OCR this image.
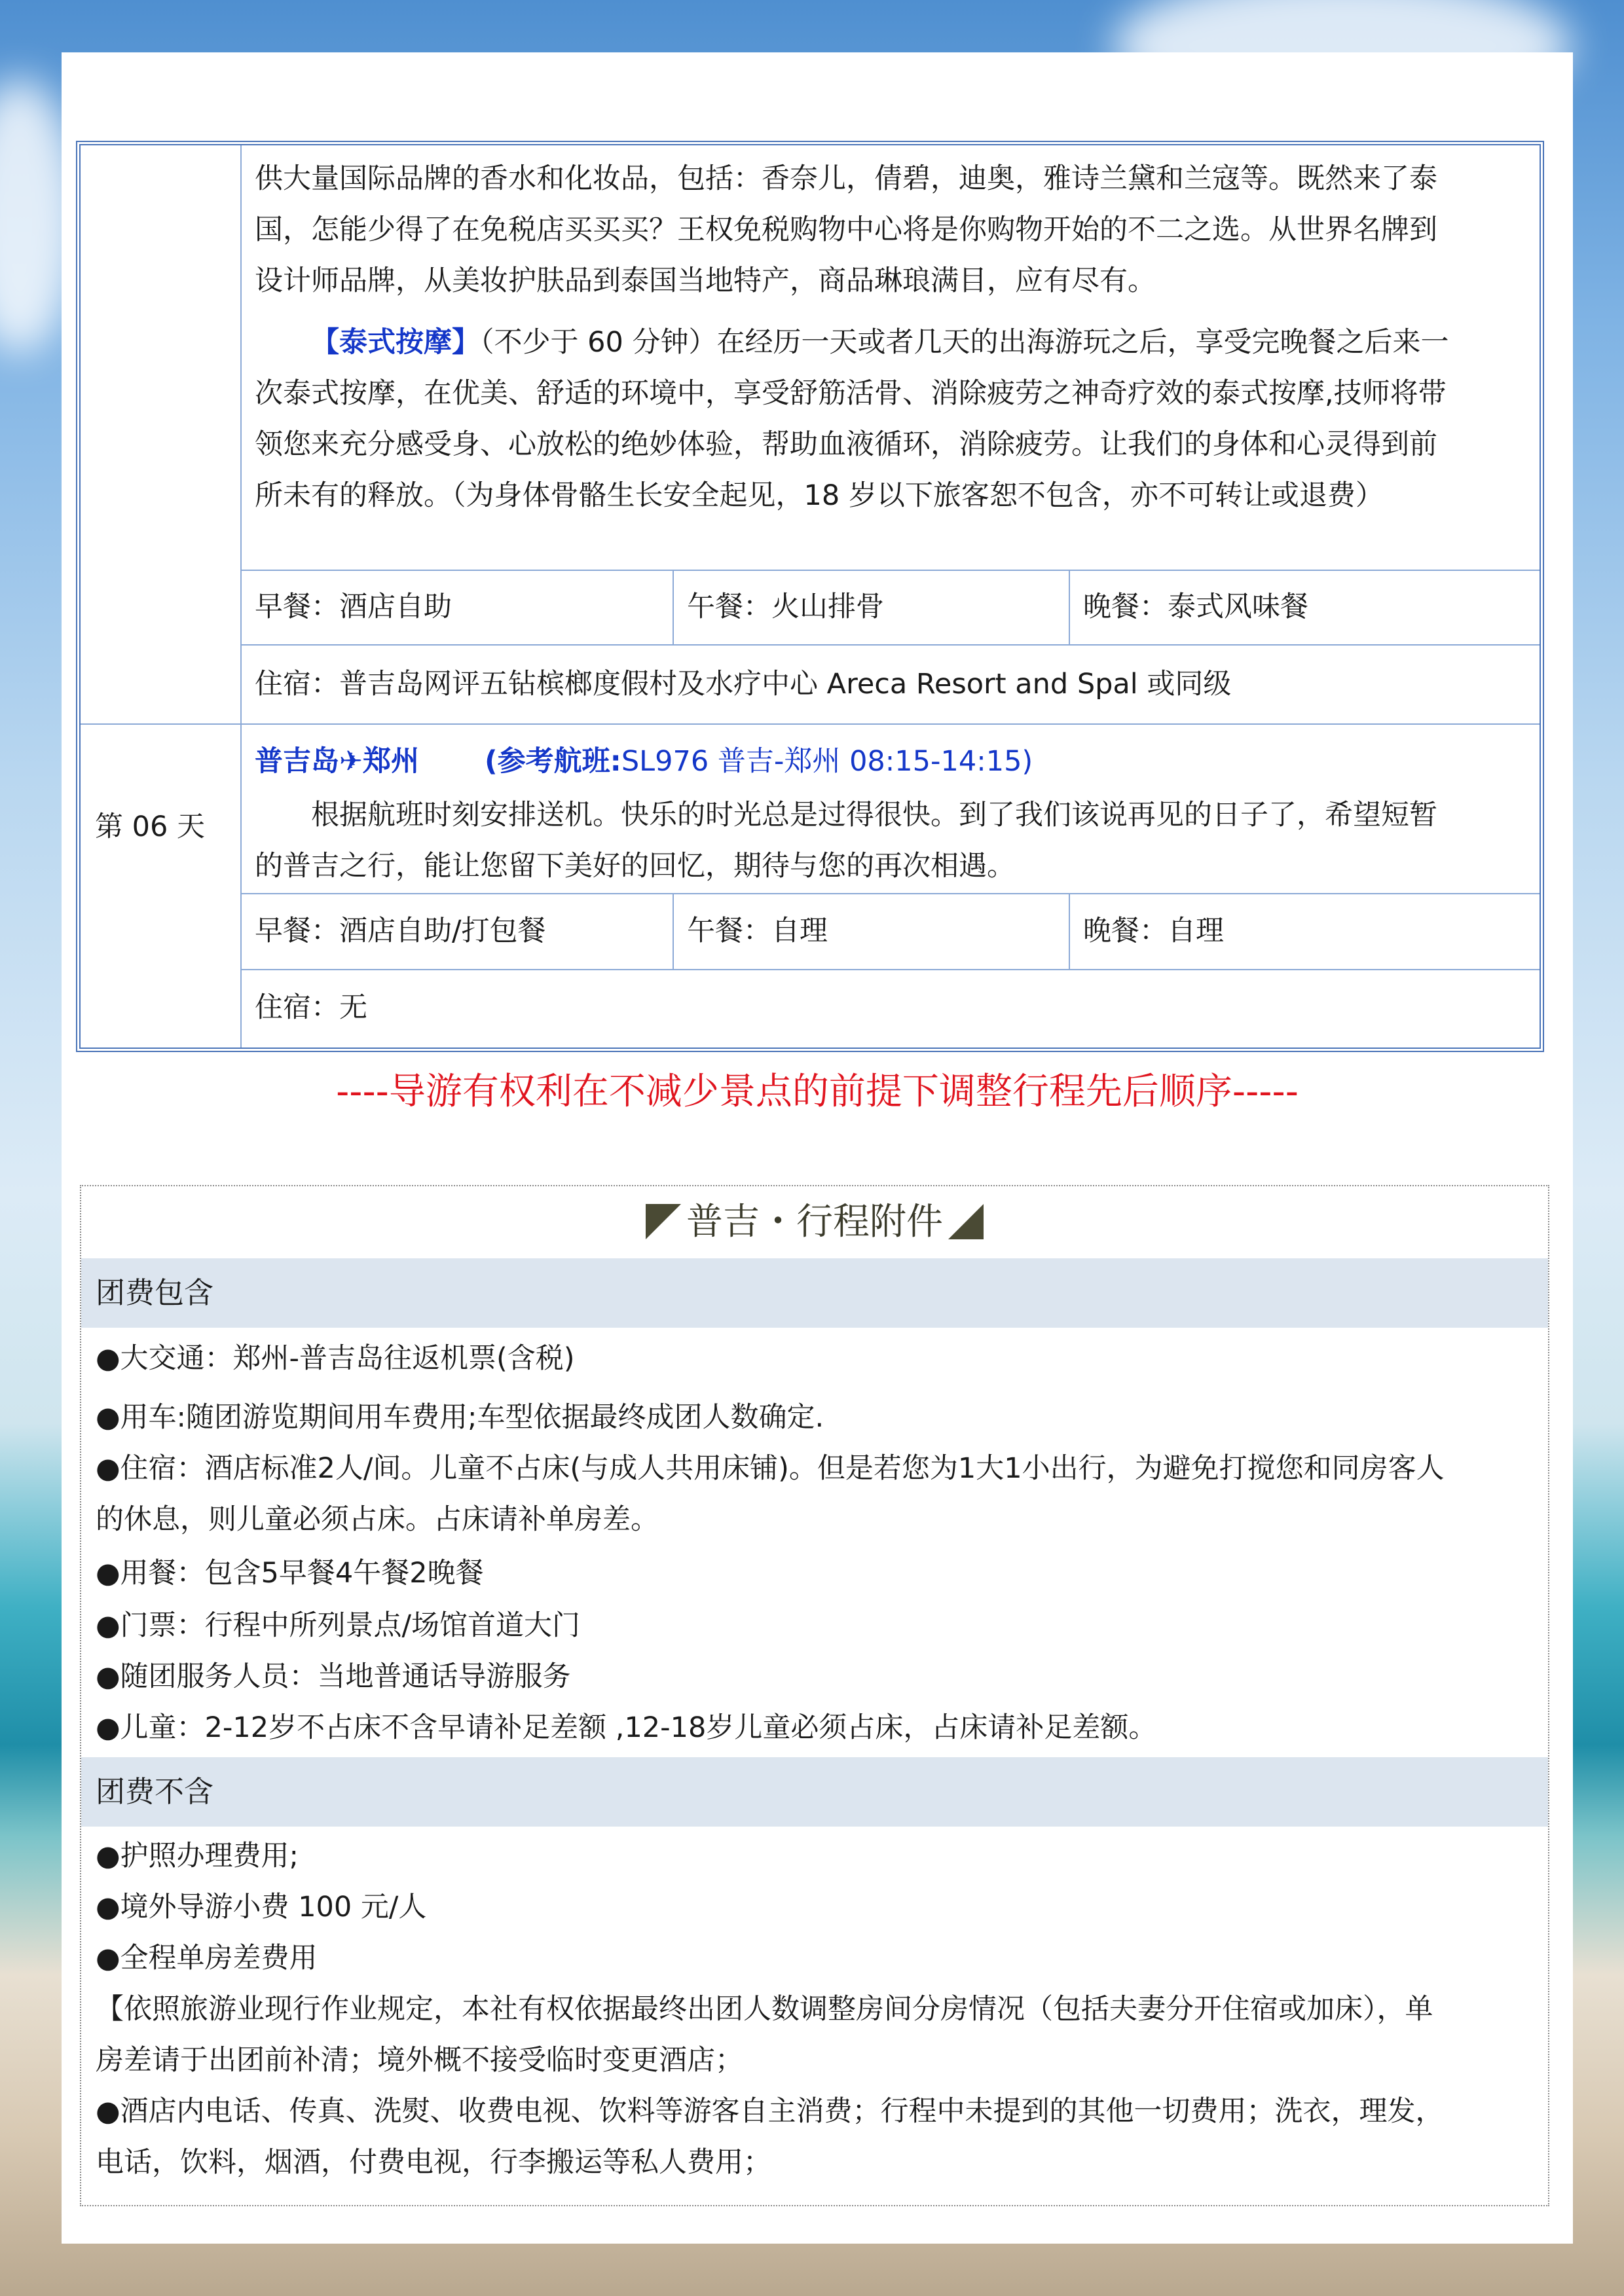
供大量国际品牌的香水和化妆品，包括：香奈儿，倩碧，迪奥，雅诗兰黛和兰寇等。既然来了泰
国，怎能少得了在免税店买买买？王权免税购物中心将是你购物开始的不二之选。从世界名牌到
设计师品牌，从美妆护肤品到泰国当地特产，商品琳琅满目，应有尽有。
【泰式按摩】（不少于 60 分钟）在经历一天或者几天的出海游玩之后，享受完晚餐之后来一
次泰式按摩，在优美、舒适的环境中，享受舒筋活骨、消除疲劳之神奇疗效的泰式按摩,技师将带
领您来充分感受身、心放松的绝妙体验，帮助血液循环，消除疲劳。让我们的身体和心灵得到前
所未有的释放。（为身体骨骼生长安全起见，18 岁以下旅客恕不包含，亦不可转让或退费）
早餐：酒店自助	午餐：火山排骨	晚餐：泰式风味餐
住宿：普吉岛网评五钻槟榔度假村及水疗中心 Areca Resort and Spal 或同级
第 06 天
普吉岛✈郑州 (参考航班:SL976 普吉-郑州 08:15-14:15)
根据航班时刻安排送机。快乐的时光总是过得很快。到了我们该说再见的日子了，希望短暂
的普吉之行，能让您留下美好的回忆，期待与您的再次相遇。
早餐：酒店自助/打包餐	午餐：自理	晚餐：自理
住宿：无
----导游有权利在不减少景点的前提下调整行程先后顺序-----
普吉・行程附件
团费包含
●大交通：郑州-普吉岛往返机票(含税)
●用车:随团游览期间用车费用;车型依据最终成团人数确定.
●住宿：酒店标准2人/间。儿童不占床(与成人共用床铺)。但是若您为1大1小出行，为避免打搅您和同房客人
的休息，则儿童必须占床。占床请补单房差。
●用餐：包含5早餐4午餐2晚餐
●门票：行程中所列景点/场馆首道大门
●随团服务人员：当地普通话导游服务
●儿童：2-12岁不占床不含早请补足差额 ,12-18岁儿童必须占床，占床请补足差额。
团费不含
●护照办理费用;
●境外导游小费 100 元/人
●全程单房差费用
【依照旅游业现行作业规定，本社有权依据最终出团人数调整房间分房情况（包括夫妻分开住宿或加床），单
房差请于出团前补清；境外概不接受临时变更酒店；
●酒店内电话、传真、洗熨、收费电视、饮料等游客自主消费；行程中未提到的其他一切费用；洗衣，理发，
电话，饮料，烟酒，付费电视，行李搬运等私人费用；
